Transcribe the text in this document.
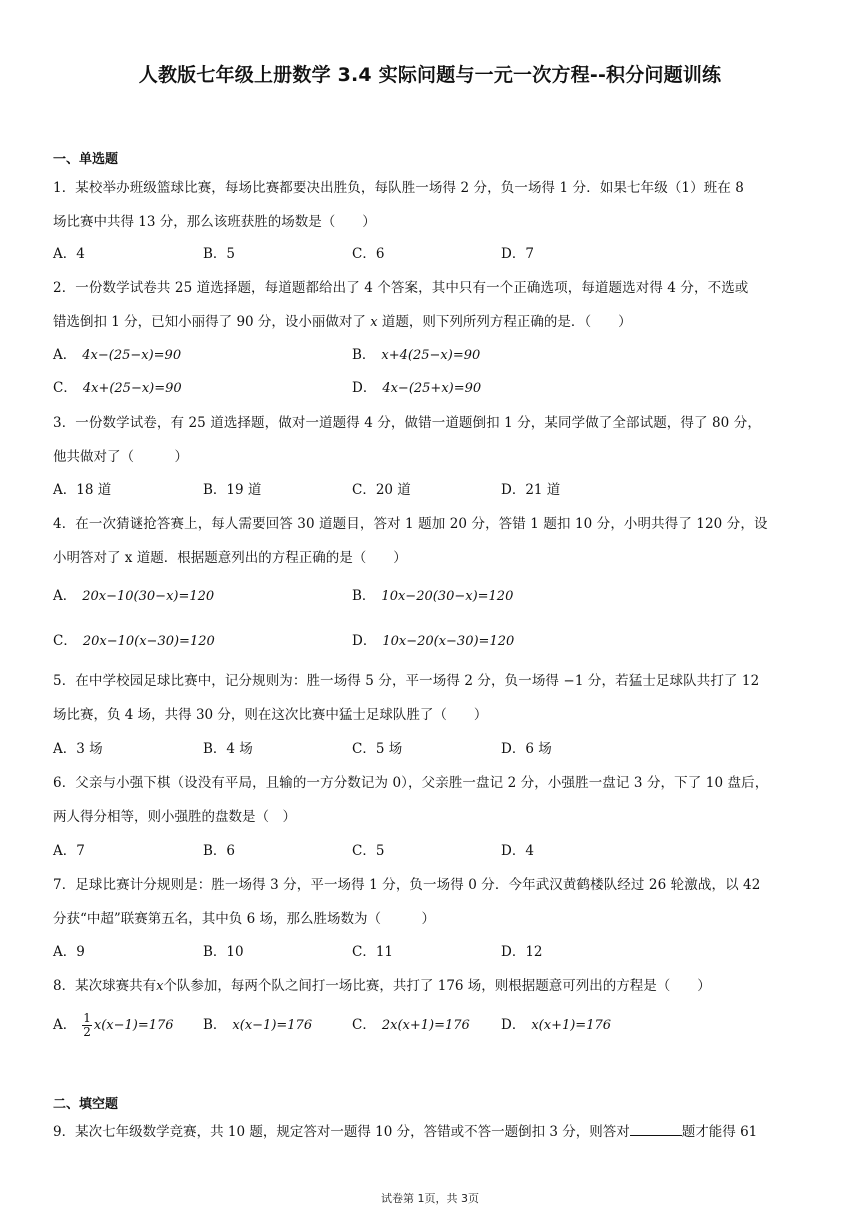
人教版七年级上册数学 3.4 实际问题与一元一次方程--积分问题训练
一、单选题
1．某校举办班级篮球比赛，每场比赛都要决出胜负，每队胜一场得 2 分，负一场得 1 分．如果七年级（1）班在 8
场比赛中共得 13 分，那么该班获胜的场数是（　　）
A．4	B．5	C．6	D．7
2．一份数学试卷共 25 道选择题，每道题都给出了 4 个答案，其中只有一个正确选项，每道题选对得 4 分，不选或
错选倒扣 1 分，已知小丽得了 90 分，设小丽做对了 x 道题，则下列所列方程正确的是．（　　）
A． 4x−(25−x)=90	B． x+4(25−x)=90
C． 4x+(25−x)=90	D． 4x−(25+x)=90
3．一份数学试卷，有 25 道选择题，做对一道题得 4 分，做错一道题倒扣 1 分，某同学做了全部试题，得了 80 分，
他共做对了（　　　）
A．18 道	B．19 道	C．20 道	D．21 道
4．在一次猜谜抢答赛上，每人需要回答 30 道题目，答对 1 题加 20 分，答错 1 题扣 10 分，小明共得了 120 分，设
小明答对了 x 道题．根据题意列出的方程正确的是（　　）
A． 20x−10(30−x)=120	B． 10x−20(30−x)=120
C． 20x−10(x−30)=120	D． 10x−20(x−30)=120
5．在中学校园足球比赛中，记分规则为：胜一场得 5 分，平一场得 2 分，负一场得 −1 分，若猛士足球队共打了 12
场比赛，负 4 场，共得 30 分，则在这次比赛中猛士足球队胜了（　　）
A．3 场	B．4 场	C．5 场	D．6 场
6．父亲与小强下棋（设没有平局，且输的一方分数记为 0），父亲胜一盘记 2 分，小强胜一盘记 3 分，下了 10 盘后，
两人得分相等，则小强胜的盘数是（　）
A．7	B．6	C．5	D．4
7．足球比赛计分规则是：胜一场得 3 分，平一场得 1 分，负一场得 0 分．今年武汉黄鹤楼队经过 26 轮激战，以 42
分获“中超”联赛第五名，其中负 6 场，那么胜场数为（　　　）
A．9	B．10	C．11	D．12
8．某次球赛共有x个队参加，每两个队之间打一场比赛，共打了 176 场，则根据题意可列出的方程是（　　）
A． $\frac{1}{2} x(x-1)=176$ B． x(x−1)=176	C． 2x(x+1)=176 D． x(x+1)=176
二、填空题
9．某次七年级数学竞赛，共 10 题，规定答对一题得 10 分，答错或不答一题倒扣 3 分，则答对	题才能得 61
试卷第 1页，共 3页
